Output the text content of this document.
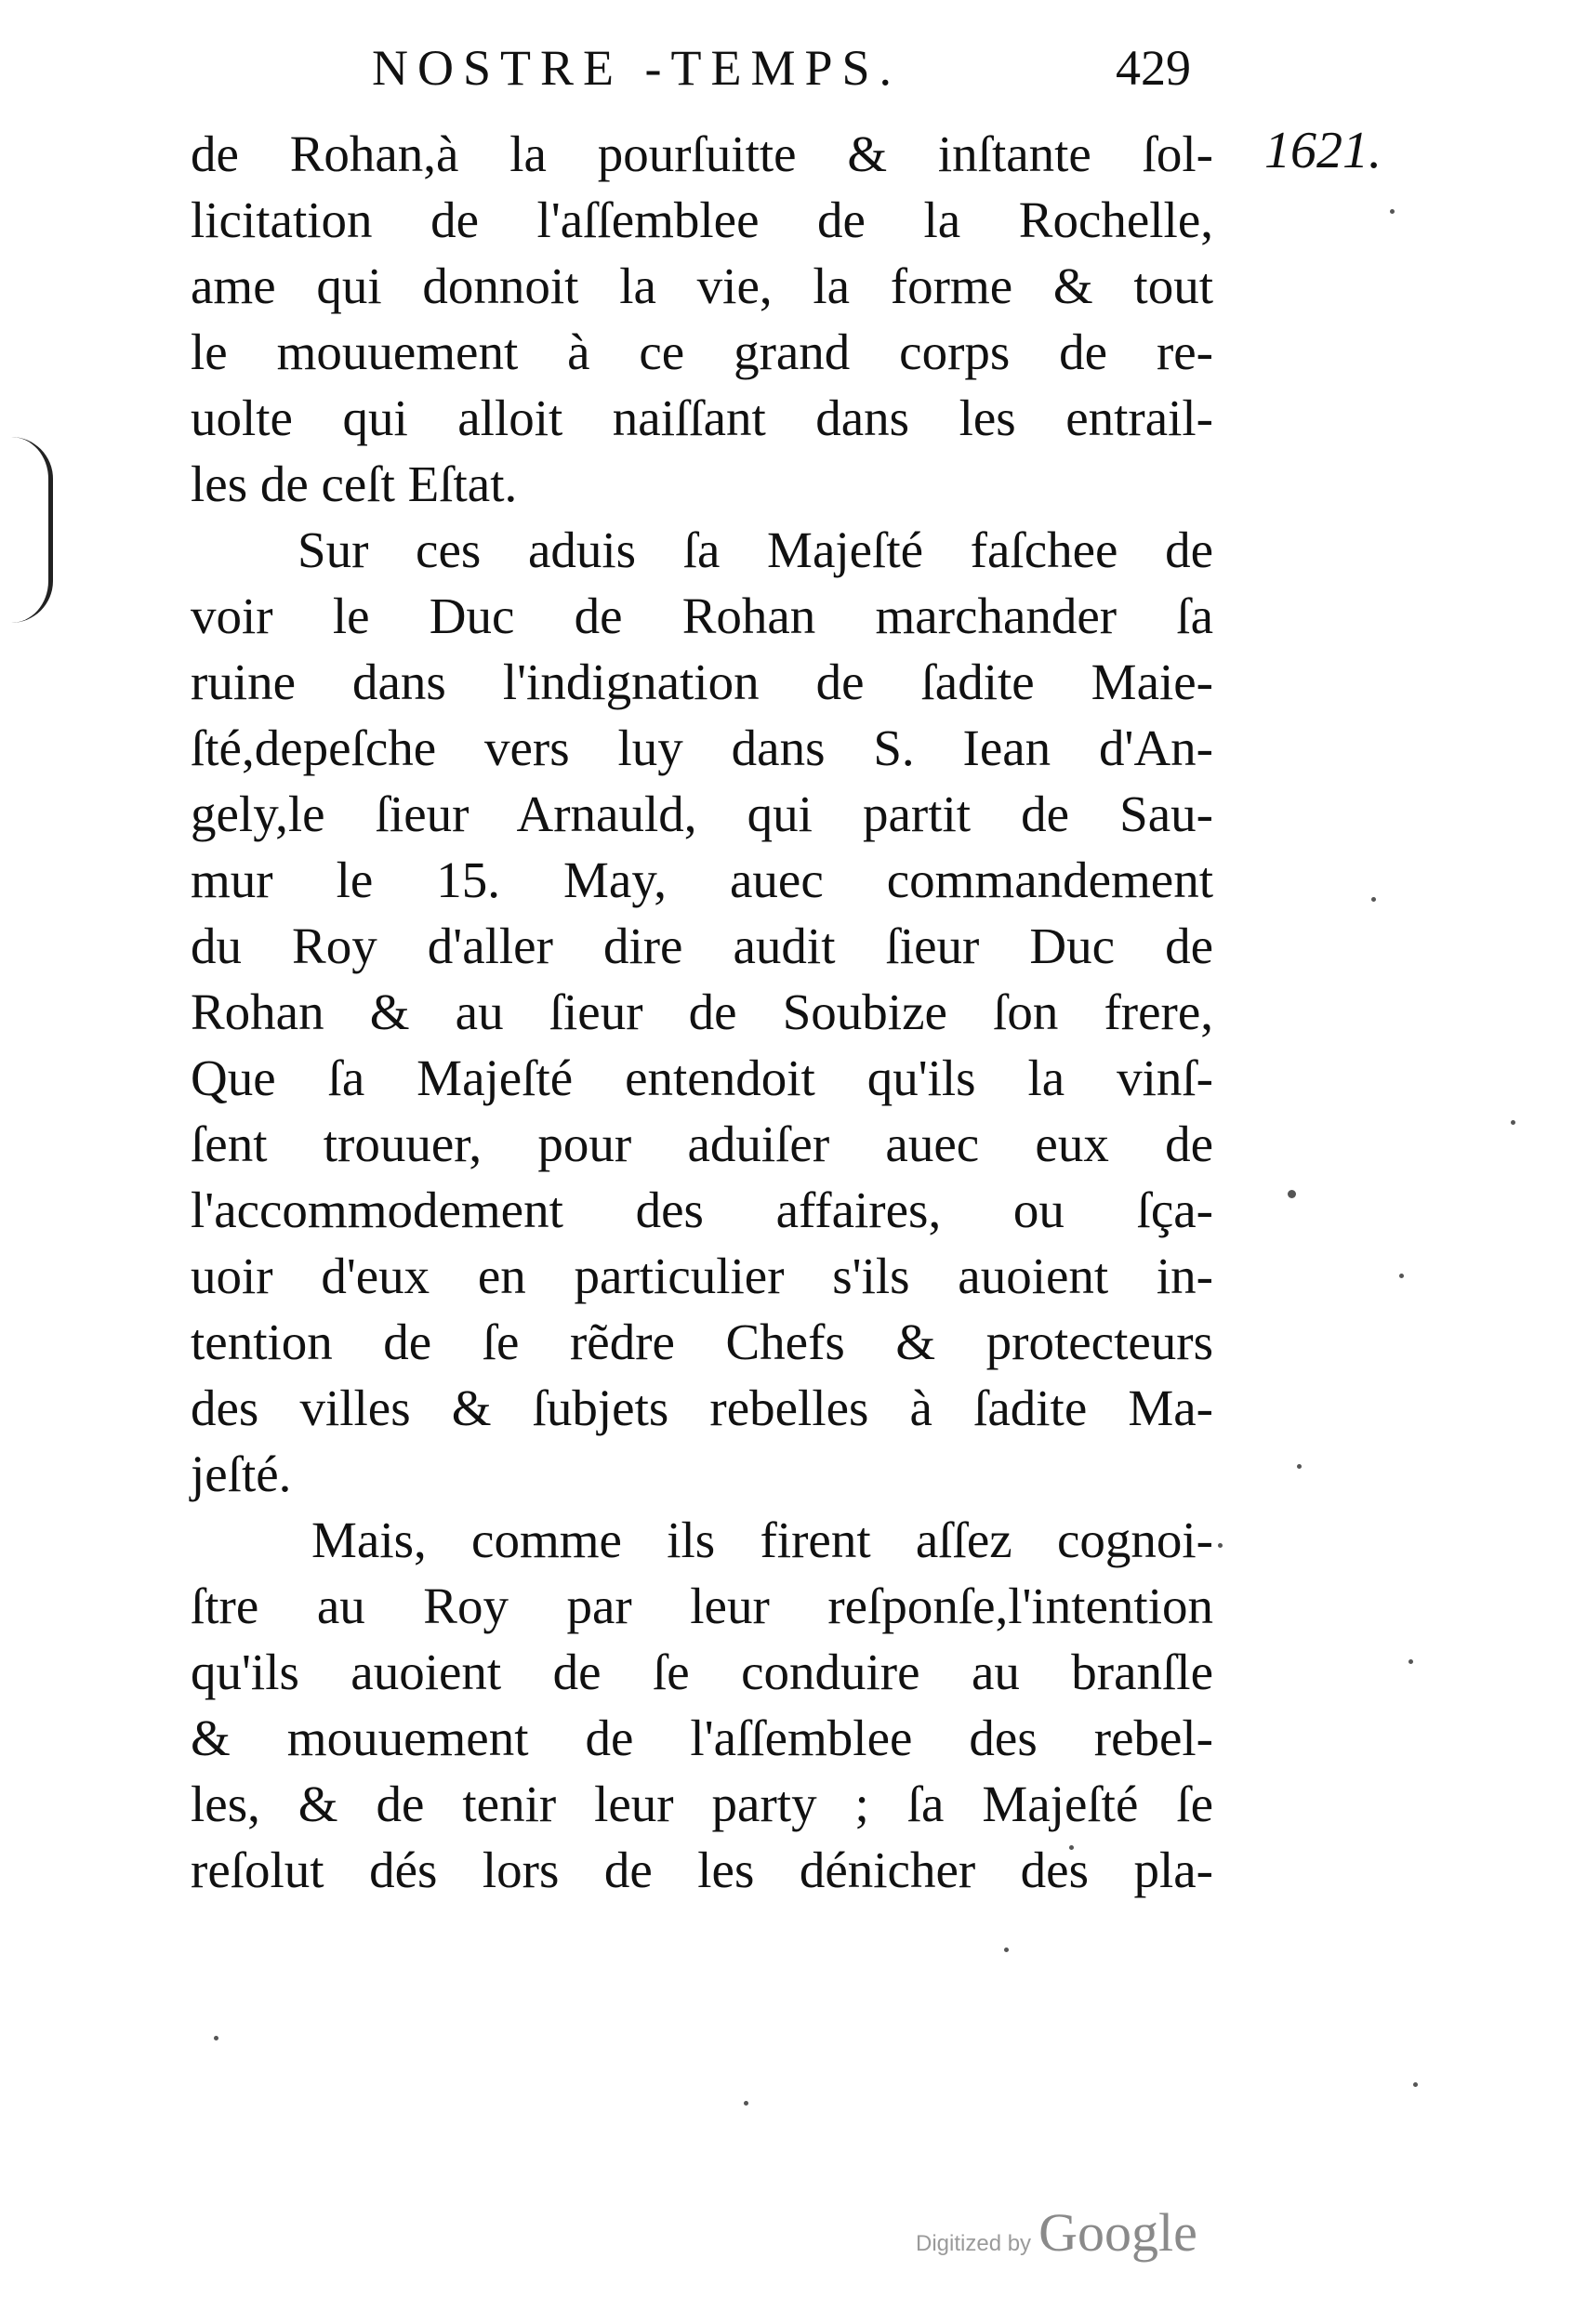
NOSTRE -TEMPS.	429
1621.
de Rohan,à la pourſuitte & inſtante ſol-
licitation de l'aſſemblee de la Rochelle,
ame qui donnoit la vie, la forme & tout
le mouuement à ce grand corps de re-
uolte qui alloit naiſſant dans les entrail-
les de ceſt Eſtat.
Sur ces aduis ſa Majeſté faſchee de
voir le Duc de Rohan marchander ſa
ruine dans l'indignation de ſadite Maie-
ſté,depeſche vers luy dans S. Iean d'An-
gely,le ſieur Arnauld, qui partit de Sau-
mur le 15. May, auec commandement
du Roy d'aller dire audit ſieur Duc de
Rohan & au ſieur de Soubize ſon frere,
Que ſa Majeſté entendoit qu'ils la vinſ-
ſent trouuer, pour aduiſer auec eux de
l'accommodement des affaires, ou ſça-
uoir d'eux en particulier s'ils auoient in-
tention de ſe rẽdre Chefs & protecteurs
des villes & ſubjets rebelles à ſadite Ma-
jeſté.
Mais, comme ils firent aſſez cognoi-
ſtre au Roy par leur reſponſe,l'intention
qu'ils auoient de ſe conduire au branſle
& mouuement de l'aſſemblee des rebel-
les, & de tenir leur party ; ſa Majeſté ſe
reſolut dés lors de les dénicher des pla-
Digitized by Google
